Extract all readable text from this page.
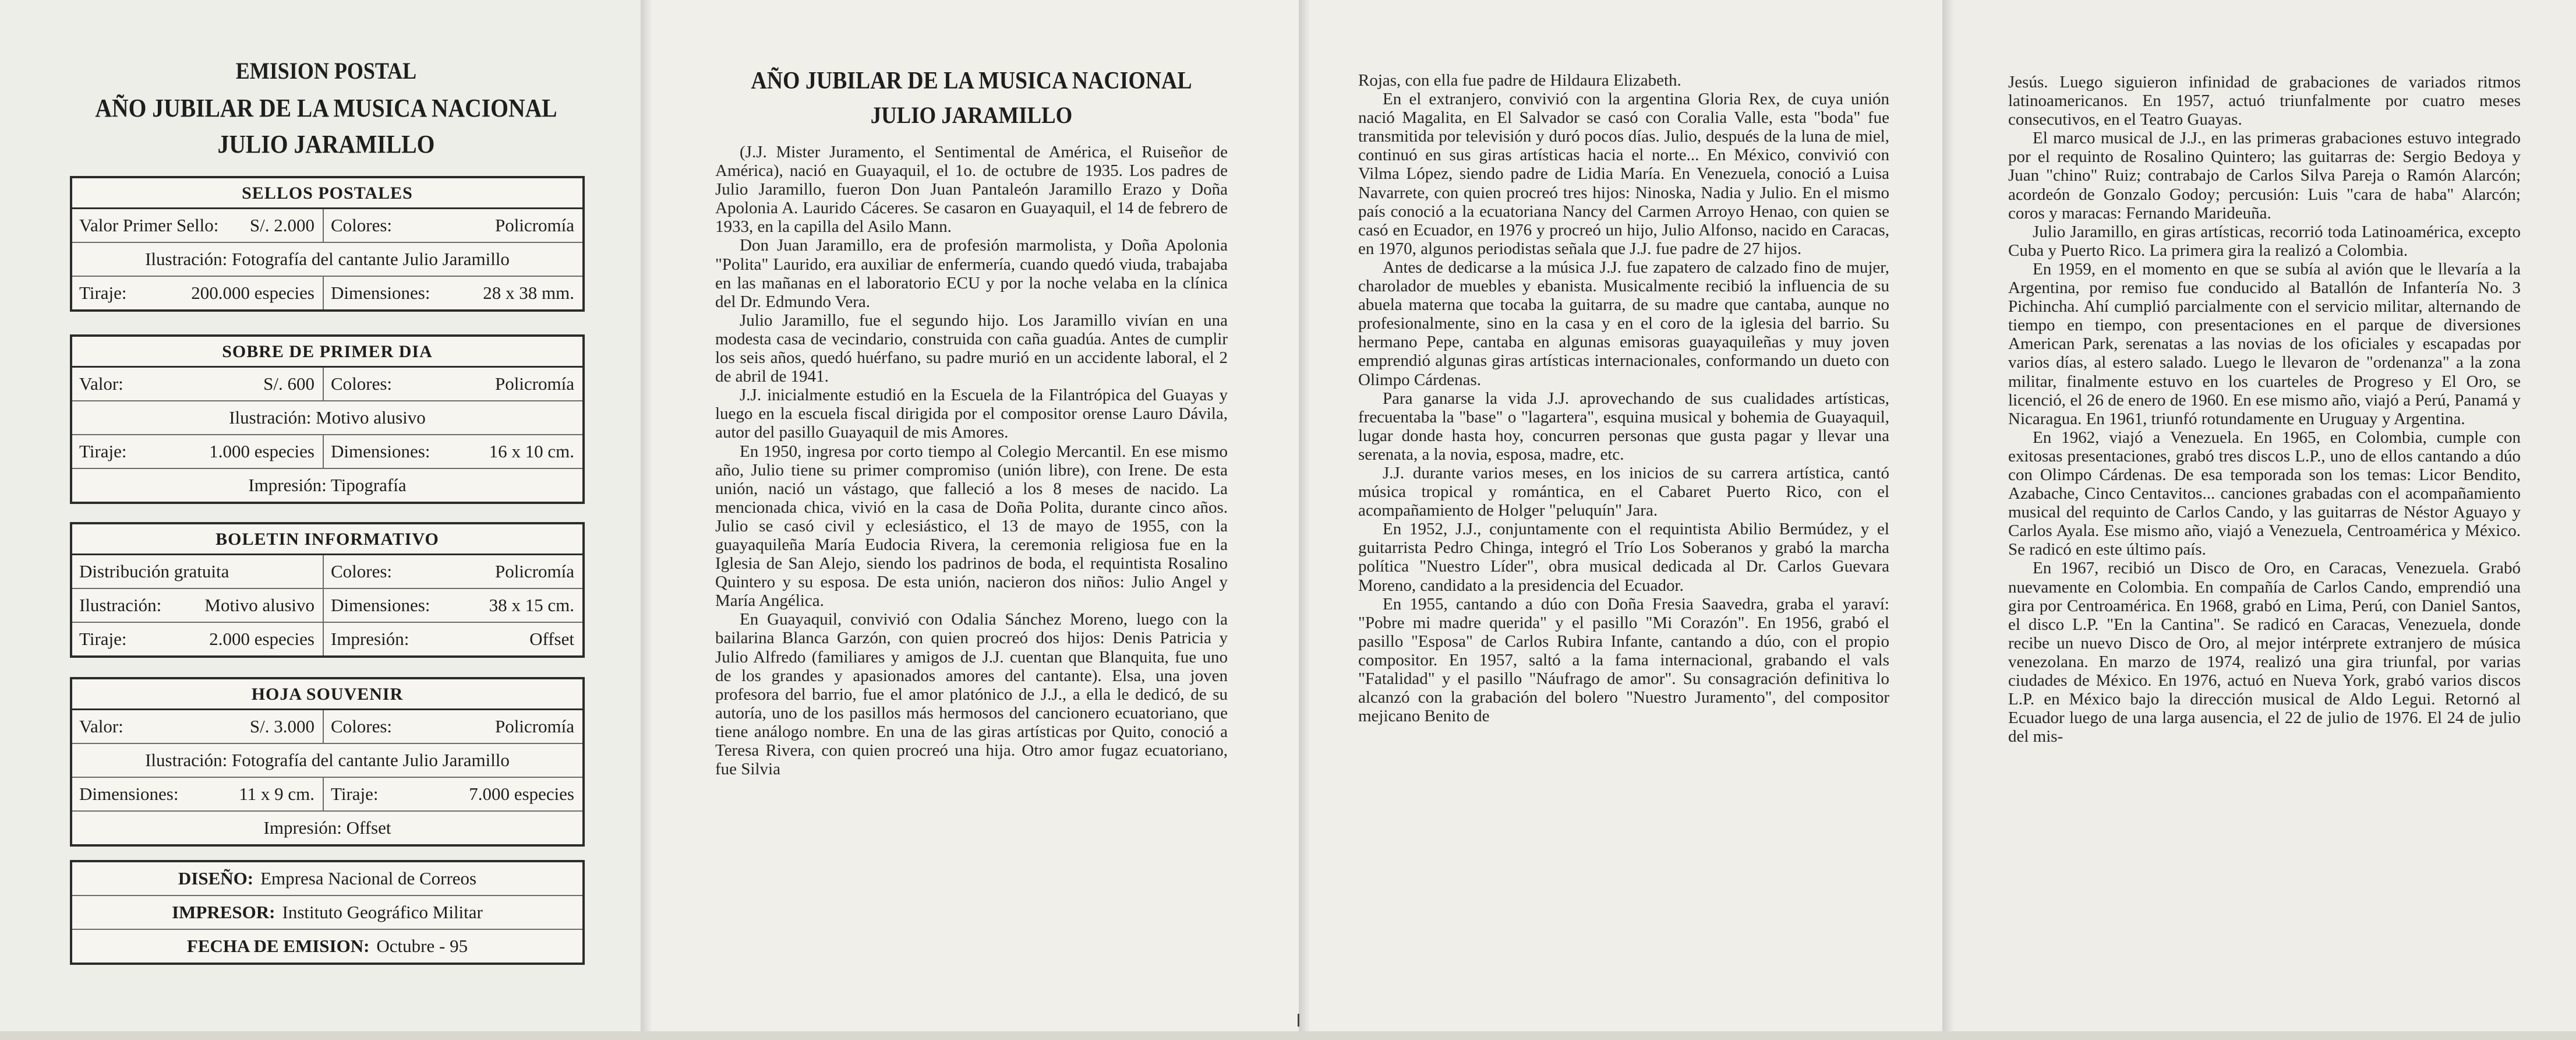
EMISION POSTAL
AÑO JUBILAR DE LA MUSICA NACIONAL
JULIO JARAMILLO
SELLOS POSTALES
Valor Primer Sello: S/. 2.000 Colores:	Policromía
Ilustración: Fotografía del cantante Julio Jaramillo
Tiraje:	200.000 especies Dimensiones:	28 x 38 mm.
SOBRE DE PRIMER DIA
Valor:	S/. 600 Colores:	Policromía
Ilustración: Motivo alusivo
Tiraje:	1.000 especies Dimensiones:	16 x 10 cm.
Impresión: Tipografía
BOLETIN INFORMATIVO
Distribución gratuita	Colores:	Policromía
Ilustración: Motivo alusivo Dimensiones:	38 x 15 cm.
Tiraje:	2.000 especies Impresión:	Offset
HOJA SOUVENIR
Valor:	S/. 3.000 Colores:	Policromía
Ilustración: Fotografía del cantante Julio Jaramillo
Dimensiones:	11 x 9 cm. Tiraje:	7.000 especies
Impresión: Offset
DISEÑO: Empresa Nacional de Correos
IMPRESOR: Instituto Geográfico Militar
FECHA DE EMISION: Octubre - 95
AÑO JUBILAR DE LA MUSICA NACIONAL
JULIO JARAMILLO

(J.J. Mister Juramento, el Sentimental de América, el Ruiseñor de América), nació en Guayaquil, el 1o. de octubre de 1935. Los padres de Julio Jaramillo, fueron Don Juan Pantaleón Jaramillo Erazo y Doña Apolonia A. Laurido Cáceres. Se casaron en Guayaquil, el 14 de febrero de 1933, en la capilla del Asilo Mann.

Don Juan Jaramillo, era de profesión marmolista, y Doña Apolonia "Polita" Laurido, era auxiliar de enfermería, cuando quedó viuda, trabajaba en las mañanas en el laboratorio ECU y por la noche velaba en la clínica del Dr. Edmundo Vera.

Julio Jaramillo, fue el segundo hijo. Los Jaramillo vivían en una modesta casa de vecindario, construida con caña guadúa. Antes de cumplir los seis años, quedó huérfano, su padre murió en un accidente laboral, el 2 de abril de 1941.

J.J. inicialmente estudió en la Escuela de la Filantrópica del Guayas y luego en la escuela fiscal dirigida por el compositor orense Lauro Dávila, autor del pasillo Guayaquil de mis Amores.

En 1950, ingresa por corto tiempo al Colegio Mercantil. En ese mismo año, Julio tiene su primer compromiso (unión libre), con Irene. De esta unión, nació un vástago, que falleció a los 8 meses de nacido. La mencionada chica, vivió en la casa de Doña Polita, durante cinco años. Julio se casó civil y eclesiástico, el 13 de mayo de 1955, con la guayaquileña María Eudocia Rivera, la ceremonia religiosa fue en la Iglesia de San Alejo, siendo los padrinos de boda, el requintista Rosalino Quintero y su esposa. De esta unión, nacieron dos niños: Julio Angel y María Angélica.

En Guayaquil, convivió con Odalia Sánchez Moreno, luego con la bailarina Blanca Garzón, con quien procreó dos hijos: Denis Patricia y Julio Alfredo (familiares y amigos de J.J. cuentan que Blanquita, fue uno de los grandes y apasionados amores del cantante). Elsa, una joven profesora del barrio, fue el amor platónico de J.J., a ella le dedicó, de su autoría, uno de los pasillos más hermosos del cancionero ecuatoriano, que tiene análogo nombre. En una de las giras artísticas por Quito, conoció a Teresa Rivera, con quien procreó una hija. Otro amor fugaz ecuatoriano, fue Silvia

Rojas, con ella fue padre de Hildaura Elizabeth.

En el extranjero, convivió con la argentina Gloria Rex, de cuya unión nació Magalita, en El Salvador se casó con Coralia Valle, esta "boda" fue transmitida por televisión y duró pocos días. Julio, después de la luna de miel, continuó en sus giras artísticas hacia el norte... En México, convivió con Vilma López, siendo padre de Lidia María. En Venezuela, conoció a Luisa Navarrete, con quien procreó tres hijos: Ninoska, Nadia y Julio. En el mismo país conoció a la ecuatoriana Nancy del Carmen Arroyo Henao, con quien se casó en Ecuador, en 1976 y procreó un hijo, Julio Alfonso, nacido en Caracas, en 1970, algunos periodistas señala que J.J. fue padre de 27 hijos.

Antes de dedicarse a la música J.J. fue zapatero de calzado fino de mujer, charolador de muebles y ebanista. Musicalmente recibió la influencia de su abuela materna que tocaba la guitarra, de su madre que cantaba, aunque no profesionalmente, sino en la casa y en el coro de la iglesia del barrio. Su hermano Pepe, cantaba en algunas emisoras guayaquileñas y muy joven emprendió algunas giras artísticas internacionales, conformando un dueto con Olimpo Cárdenas.

Para ganarse la vida J.J. aprovechando de sus cualidades artísticas, frecuentaba la "base" o "lagartera", esquina musical y bohemia de Guayaquil, lugar donde hasta hoy, concurren personas que gusta pagar y llevar una serenata, a la novia, esposa, madre, etc.

J.J. durante varios meses, en los inicios de su carrera artística, cantó música tropical y romántica, en el Cabaret Puerto Rico, con el acompañamiento de Holger "peluquín" Jara.

En 1952, J.J., conjuntamente con el requintista Abilio Bermúdez, y el guitarrista Pedro Chinga, integró el Trío Los Soberanos y grabó la marcha política "Nuestro Líder", obra musical dedicada al Dr. Carlos Guevara Moreno, candidato a la presidencia del Ecuador.

En 1955, cantando a dúo con Doña Fresia Saavedra, graba el yaraví: "Pobre mi madre querida" y el pasillo "Mi Corazón". En 1956, grabó el pasillo "Esposa" de Carlos Rubira Infante, cantando a dúo, con el propio compositor. En 1957, saltó a la fama internacional, grabando el vals "Fatalidad" y el pasillo "Náufrago de amor". Su consagración definitiva lo alcanzó con la grabación del bolero "Nuestro Juramento", del compositor mejicano Benito de

Jesús. Luego siguieron infinidad de grabaciones de variados ritmos latinoamericanos. En 1957, actuó triunfalmente por cuatro meses consecutivos, en el Teatro Guayas.

El marco musical de J.J., en las primeras grabaciones estuvo integrado por el requinto de Rosalino Quintero; las guitarras de: Sergio Bedoya y Juan "chino" Ruiz; contrabajo de Carlos Silva Pareja o Ramón Alarcón; acordeón de Gonzalo Godoy; percusión: Luis "cara de haba" Alarcón; coros y maracas: Fernando Marideuña.

Julio Jaramillo, en giras artísticas, recorrió toda Latinoamérica, excepto Cuba y Puerto Rico. La primera gira la realizó a Colombia.

En 1959, en el momento en que se subía al avión que le llevaría a la Argentina, por remiso fue conducido al Batallón de Infantería No. 3 Pichincha. Ahí cumplió parcialmente con el servicio militar, alternando de tiempo en tiempo, con presentaciones en el parque de diversiones American Park, serenatas a las novias de los oficiales y escapadas por varios días, al estero salado. Luego le llevaron de "ordenanza" a la zona militar, finalmente estuvo en los cuarteles de Progreso y El Oro, se licenció, el 26 de enero de 1960. En ese mismo año, viajó a Perú, Panamá y Nicaragua. En 1961, triunfó rotundamente en Uruguay y Argentina.

En 1962, viajó a Venezuela. En 1965, en Colombia, cumple con exitosas presentaciones, grabó tres discos L.P., uno de ellos cantando a dúo con Olimpo Cárdenas. De esa temporada son los temas: Licor Bendito, Azabache, Cinco Centavitos... canciones grabadas con el acompañamiento musical del requinto de Carlos Cando, y las guitarras de Néstor Aguayo y Carlos Ayala. Ese mismo año, viajó a Venezuela, Centroamérica y México. Se radicó en este último país.

En 1967, recibió un Disco de Oro, en Caracas, Venezuela. Grabó nuevamente en Colombia. En compañía de Carlos Cando, emprendió una gira por Centroamérica. En 1968, grabó en Lima, Perú, con Daniel Santos, el disco L.P. "En la Cantina". Se radicó en Caracas, Venezuela, donde recibe un nuevo Disco de Oro, al mejor intérprete extranjero de música venezolana. En marzo de 1974, realizó una gira triunfal, por varias ciudades de México. En 1976, actuó en Nueva York, grabó varios discos L.P. en México bajo la dirección musical de Aldo Legui. Retornó al Ecuador luego de una larga ausencia, el 22 de julio de 1976. El 24 de julio del mis-
